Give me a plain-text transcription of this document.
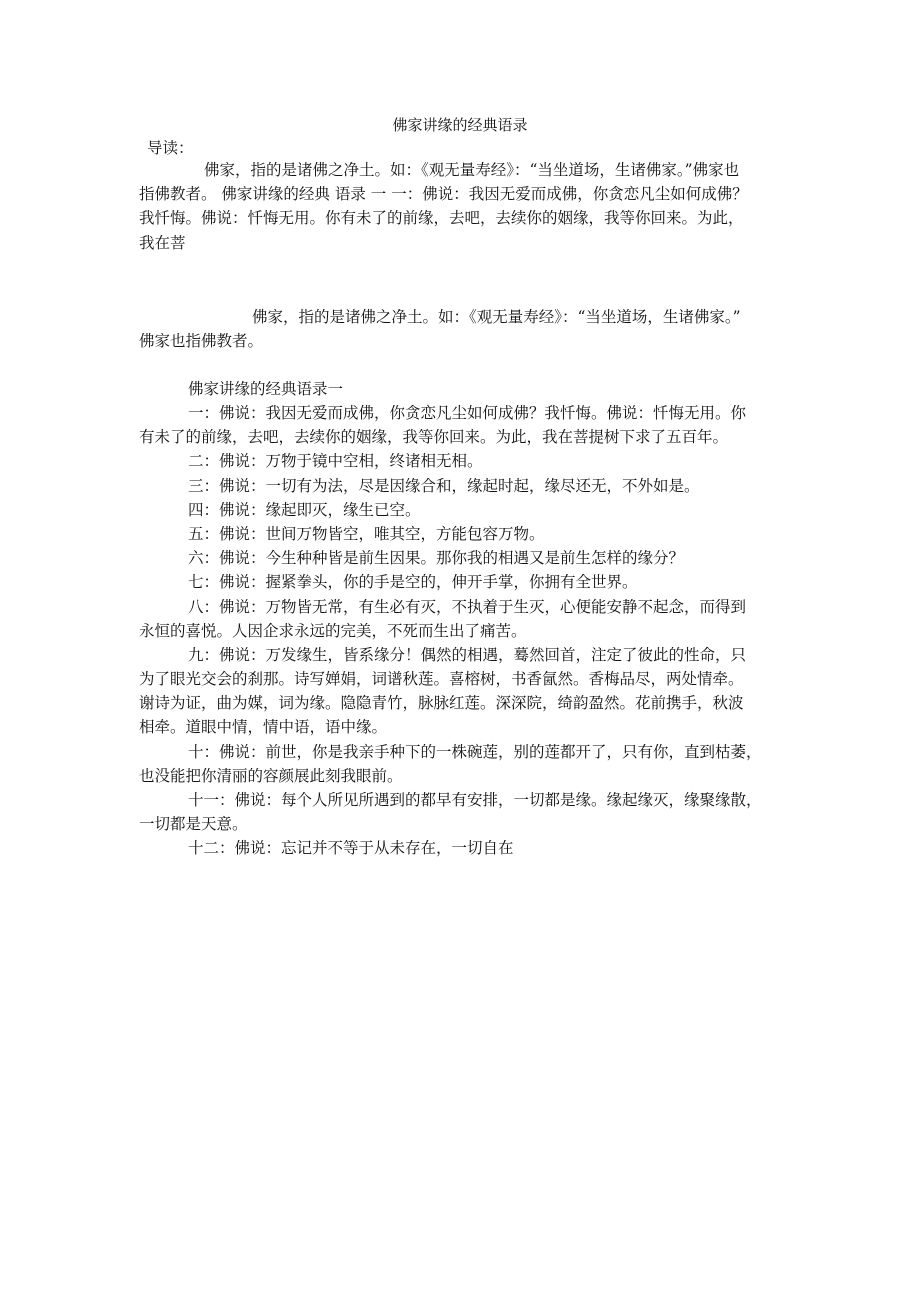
佛家讲缘的经典语录
导读：
佛家，指的是诸佛之净土。如：《观无量寿经》：“当坐道场，生诸佛家。”佛家也
指佛教者。 佛家讲缘的经典 语录 一 一：佛说：我因无爱而成佛，你贪恋凡尘如何成佛？
我忏悔。佛说：忏悔无用。你有未了的前缘，去吧，去续你的姻缘，我等你回来。为此，
我在菩
佛家，指的是诸佛之净土。如：《观无量寿经》：“当坐道场，生诸佛家。”
佛家也指佛教者。
佛家讲缘的经典语录一
一：佛说：我因无爱而成佛，你贪恋凡尘如何成佛？我忏悔。佛说：忏悔无用。你
有未了的前缘，去吧，去续你的姻缘，我等你回来。为此，我在菩提树下求了五百年。
二：佛说：万物于镜中空相，终诸相无相。
三：佛说：一切有为法，尽是因缘合和，缘起时起，缘尽还无，不外如是。
四：佛说：缘起即灭，缘生已空。
五：佛说：世间万物皆空，唯其空，方能包容万物。
六：佛说：今生种种皆是前生因果。那你我的相遇又是前生怎样的缘分？
七：佛说：握紧拳头，你的手是空的，伸开手掌，你拥有全世界。
八：佛说：万物皆无常，有生必有灭，不执着于生灭，心便能安静不起念，而得到
永恒的喜悦。人因企求永远的完美，不死而生出了痛苦。
九：佛说：万发缘生，皆系缘分！偶然的相遇，蓦然回首，注定了彼此的性命，只
为了眼光交会的刹那。诗写婵娟，词谱秋莲。喜榕树，书香氤然。香梅品尽，两处情牵。
谢诗为证，曲为媒，词为缘。隐隐青竹，脉脉红莲。深深院，绮韵盈然。花前携手，秋波
相牵。道眼中情，情中语，语中缘。
十：佛说：前世，你是我亲手种下的一株碗莲，别的莲都开了，只有你，直到枯萎，
也没能把你清丽的容颜展此刻我眼前。
十一：佛说：每个人所见所遇到的都早有安排，一切都是缘。缘起缘灭，缘聚缘散，
一切都是天意。
十二：佛说：忘记并不等于从未存在，一切自在
